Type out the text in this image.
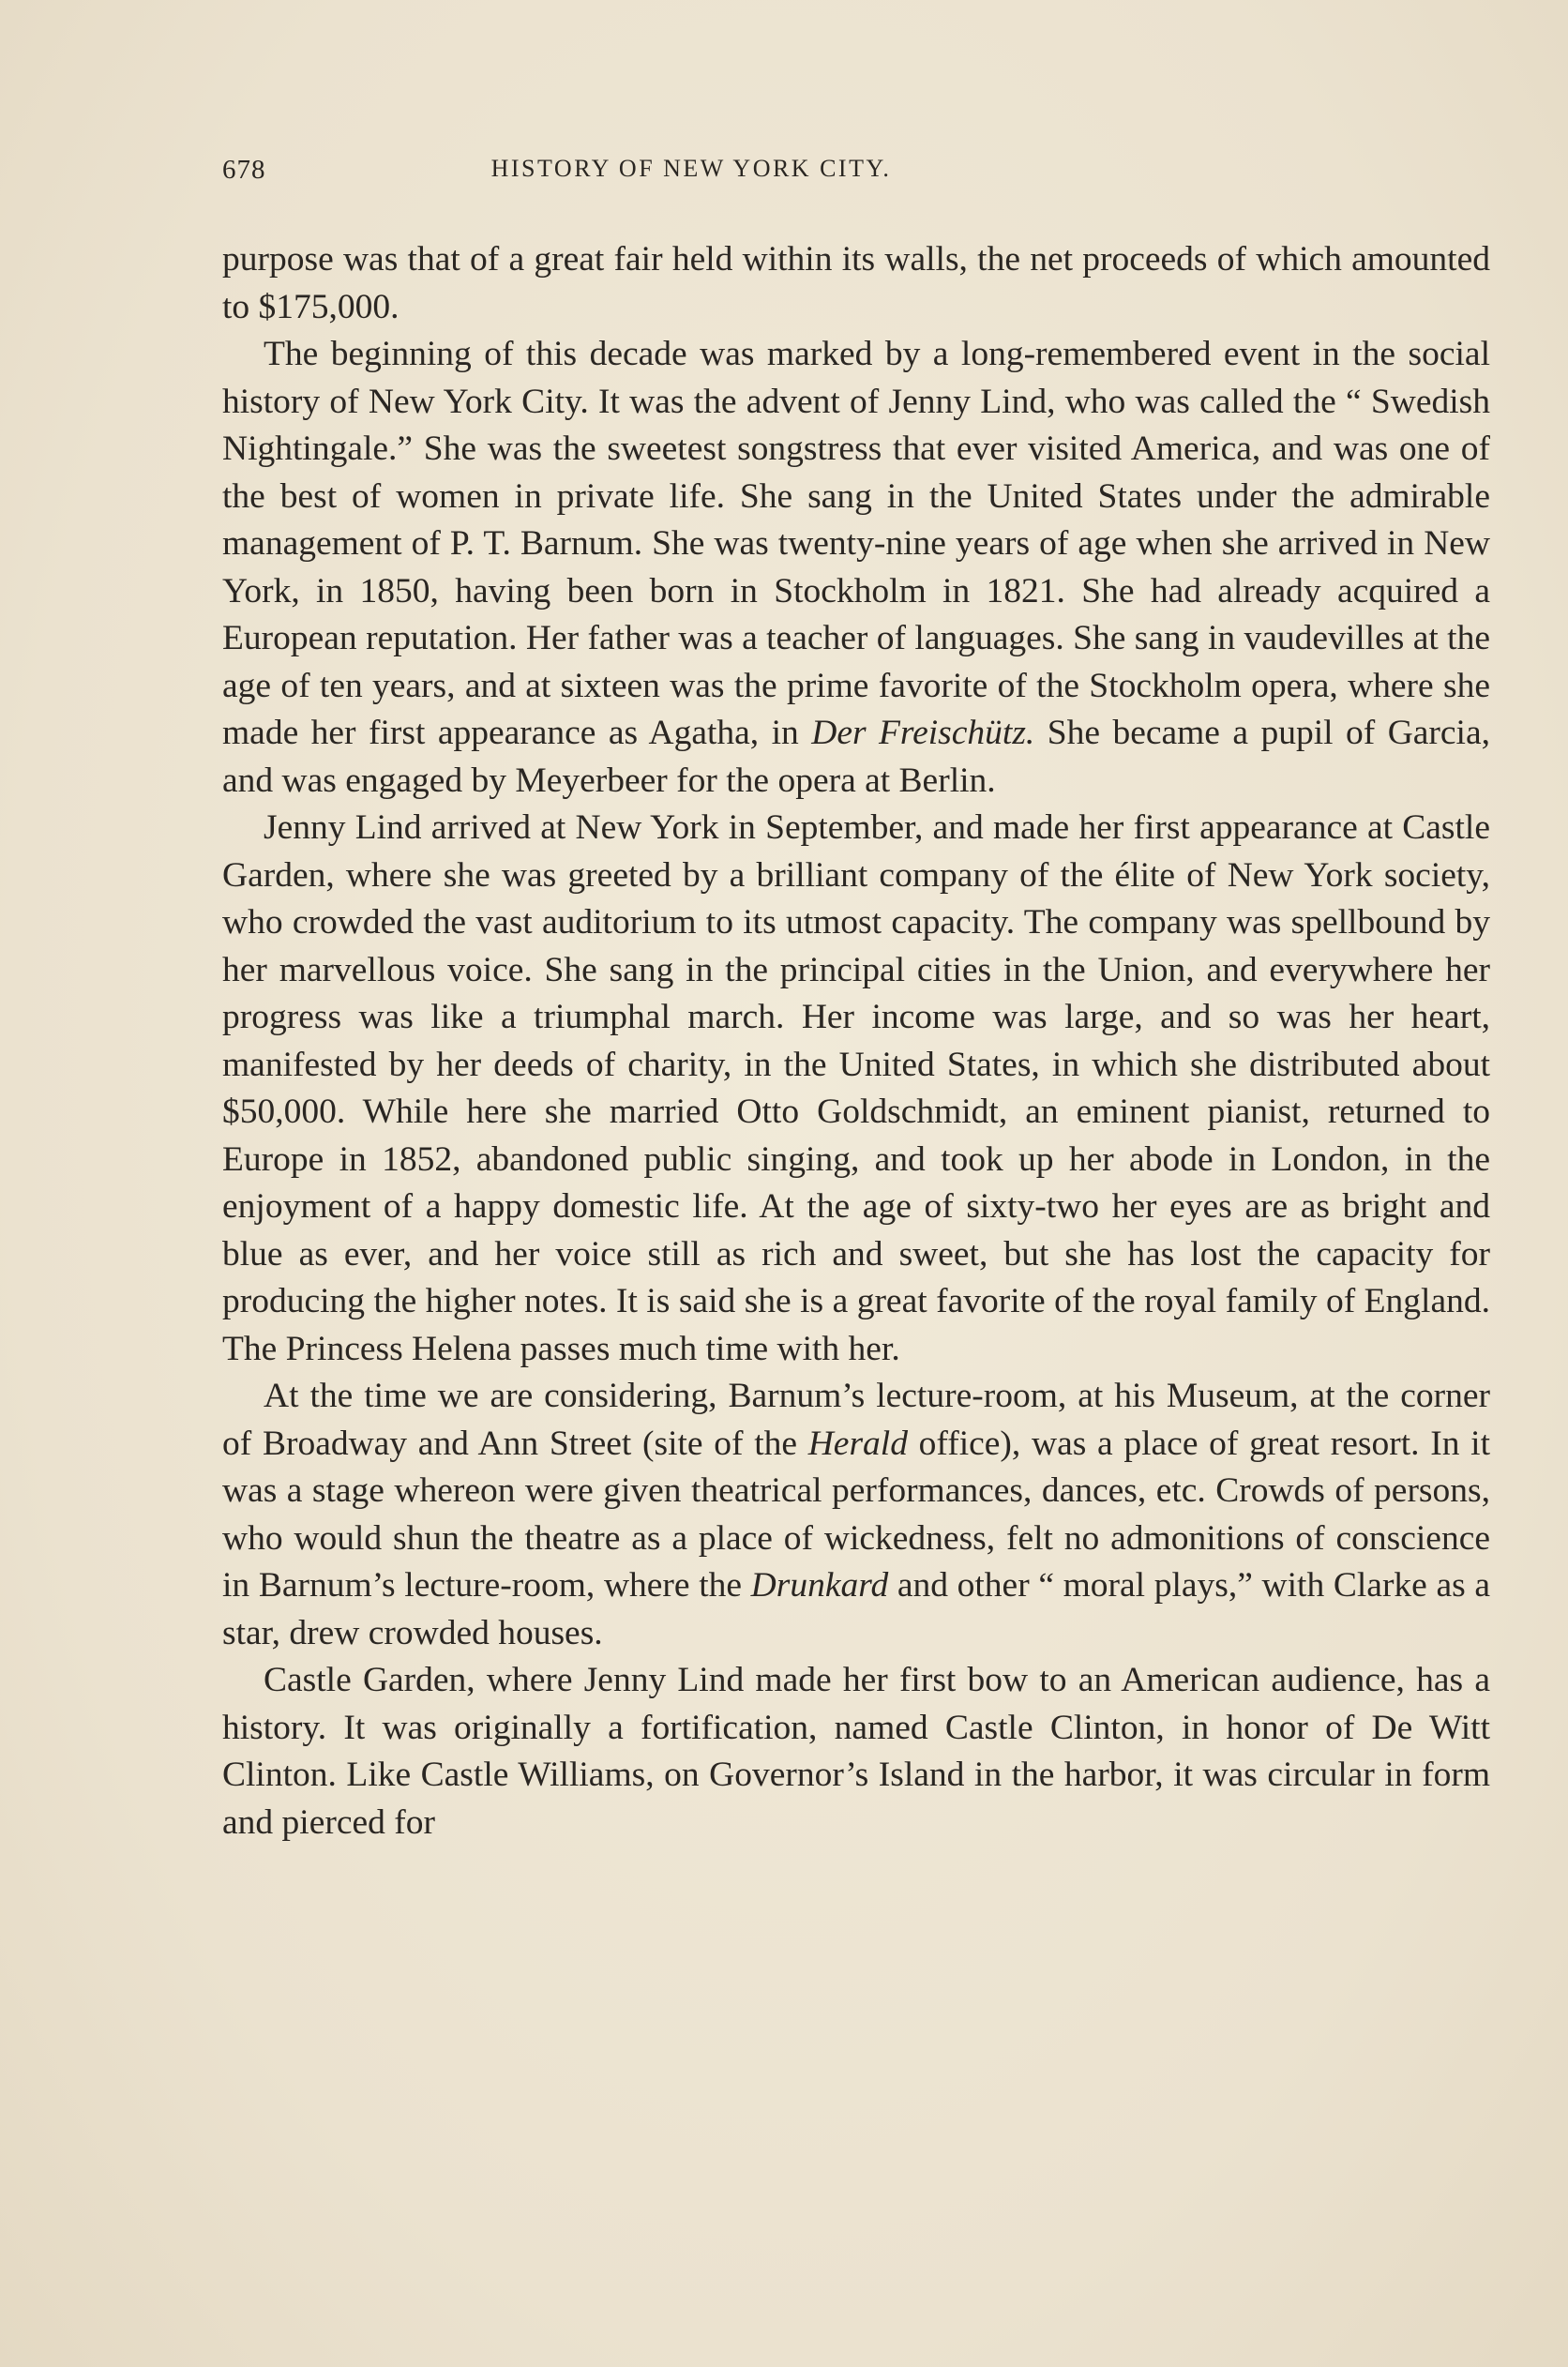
678	HISTORY OF NEW YORK CITY.

purpose was that of a great fair held within its walls, the net proceeds of which amounted to $175,000.

The beginning of this decade was marked by a long-remembered event in the social history of New York City. It was the advent of Jenny Lind, who was called the “ Swedish Nightingale.” She was the sweetest songstress that ever visited America, and was one of the best of women in private life. She sang in the United States under the admirable management of P. T. Barnum. She was twenty-nine years of age when she arrived in New York, in 1850, having been born in Stockholm in 1821. She had already acquired a European reputation. Her father was a teacher of languages. She sang in vaudevilles at the age of ten years, and at sixteen was the prime favorite of the Stockholm opera, where she made her first appearance as Agatha, in Der Freischütz. She became a pupil of Garcia, and was engaged by Meyerbeer for the opera at Berlin.

Jenny Lind arrived at New York in September, and made her first appearance at Castle Garden, where she was greeted by a brilliant company of the élite of New York society, who crowded the vast auditorium to its utmost capacity. The company was spellbound by her marvellous voice. She sang in the principal cities in the Union, and everywhere her progress was like a triumphal march. Her income was large, and so was her heart, manifested by her deeds of charity, in the United States, in which she distributed about $50,000. While here she married Otto Goldschmidt, an eminent pianist, returned to Europe in 1852, abandoned public singing, and took up her abode in London, in the enjoyment of a happy domestic life. At the age of sixty-two her eyes are as bright and blue as ever, and her voice still as rich and sweet, but she has lost the capacity for producing the higher notes. It is said she is a great favorite of the royal family of England. The Princess Helena passes much time with her.

At the time we are considering, Barnum’s lecture-room, at his Museum, at the corner of Broadway and Ann Street (site of the Herald office), was a place of great resort. In it was a stage whereon were given theatrical performances, dances, etc. Crowds of persons, who would shun the theatre as a place of wickedness, felt no admonitions of conscience in Barnum’s lecture-room, where the Drunkard and other “ moral plays,” with Clarke as a star, drew crowded houses.

Castle Garden, where Jenny Lind made her first bow to an American audience, has a history. It was originally a fortification, named Castle Clinton, in honor of De Witt Clinton. Like Castle Williams, on Governor’s Island in the harbor, it was circular in form and pierced for
